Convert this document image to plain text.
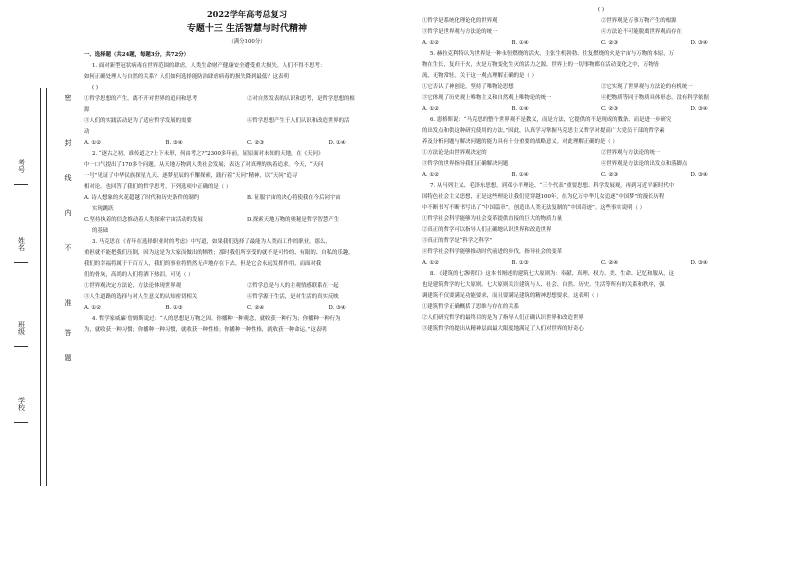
密
封
线
内
不
准
答
题
考号
姓名
班级
学校

2022学年高考总复习

专题十三 生活智慧与时代精神

（满分100分）

一、选择题（共24题，每题3分，共72分）

1. 面对新型冠状病毒在世界范围的肆虐，人类生命财产健康安全遭受重大损失。人们不得不思考：

如何正确处理人与自然的关系？人们如何选择能防治肆虐病毒的损失降到最低？这表明

( )

①哲学思想的产生，离不开对世界的追问和思考	②对自然发表的认识和思考，是哲学思想的根

源

③人们的实践活动是为了适应哲学发展的需要	④哲学思想产生于人们认识和改造世界的活

动

A. ①②	B. ③④	C. ②③	D. ①④

2. “逐古之初，谁传道之?上下未形，何由考之?”2300多年前，屈原面对未知的天地，在《天问》

中一口气提出了170多个问题。从天地万物到人类社会发展，表达了对真理的执着追求。今天，“天问

一号”见证了中华民族探星九天、逐梦星辰的不懈探索，践行着“天问”精神，以“天问”追寻

相对论，也回答了我们的哲学思考。下列选项中正确的是（ ）

A. 诗人想象的火花超越了时代和历史条件的制约	B. 征服宇宙的决心将使我在今后同宇宙

实现跳跃

C.坚持执着的信念推动着人类探索宇宙活动的发展	D.探索天地万物的奥秘是哲学智慧产生

的基础

3. 马克思在《青年在选择职业时的考虑》中写道，如果我们选择了最能为人类而工作的职业，那么，

重担就不能把我们压倒，因为这是为大家而做出的牺牲；那时我们所享受的就不是可怜的、有限的、自私的乐趣，

我们的幸福将属于千百万人，我们的事业将悄然无声地存在下去，但是它会永远发挥作用，而面对我

们的骨灰，高尚的人们将洒下热泪。可见（ ）

①世界观决定方法论，方法论体现世界观	②哲学总是与人的主观情感联系在一起

③人生道路的选择与对人生意义的认知密切相关	④哲学源于生活，是对生活的真实反映

A. ①②	B. ①③	C. ②④	D. ③④

4. 哲学家威廉·詹姆斯说过：“人的思想是万物之因。你播种一种观念，就收获一种行为；你播种一种行为

为，就收获一种习惯；你播种一种习惯，就收获一种性格；你播种一种性格，就收获一种命运。”这表明

( )

①哲学是系统化理论化的世界观	②世界观是万事万物产生的根源

③哲学是世界观与方法论的统一	④方法论不可能脱离世界观而存在

A. ①②	B. ①④	C. ②③	D. ③④

5. 赫拉克利特认为世界是一种永恒燃烧的活火，主张生机勃勃、往复燃烧的火是宇宙与万物的本原，万

物在生长，复归于火，火是万物变化生灭的活力之源，世界上的一切事物都在活动变化之中，万物皆

流，无物常驻。关于这一观点理解正确的是（ ）

①它否认了神创论，坚持了唯物论思想	②它实现了世界观与方法论的有机统一

③它体现了历史观上唯物主义和自然观上唯物论的统一	④把物质等同于物质具体形态，没有科学依据

A. ①②	B. ①④	C. ②③	D. ③④

6. 恩格斯说：“马克思的整个世界观不是教义，而是方法，它提供的不是现成的教条，而是进一步研究

的出发点和供这种研究使用的方法。”因此，认真学习掌握马克思主义哲学对提高广大党员干部的哲学素

养及分析问题与解决问题的能力具有十分重要的战略意义。对此理解正确的是（ ）

①方法论是由世界观决定的	②世界观与方法论的统一

③哲学的世界指导我们正确解决问题	④世界观是方法论的出发点和落脚点

A. ①②	B. ①④	C. ②③	D. ③④

7. 从马列主义、毛泽东思想，到邓小平理论、“三个代表”重要思想、科学发展观，再到习近平新时代中

国特色社会主义思想，正是这些理论让我们党穿越100年，在为亿万中华儿女追逐“中国梦”的漫长历程

中不断书写不断书写出了“中国篇章”。创造出人类无法复制的“中国奇迹”。这些事实说明（ ）

①哲学社会科学能够为社会变革提供直接的巨大的物质力量

②真正的哲学可以指导人们正确地认识世界和改造世界

③真正的哲学是“科学之科学”

④哲学社会科学能够推动时代前进的步伐，指导社会的变革

A. ①②	B. ①③	C. ②④	D. ③④

8. 《建筑的七盏明灯》这本书阐述的建筑七大原则为：奉献、真理、权力、美、生命、记忆和服从，这

也是建筑哲学的七大原则。七大原则关注建筑与人、社会、自然、历史、生活等所有的关系和秩序，强

调建筑不仅要满足功能要求，而且要满足建筑的精神思想要求。这表明（ ）

①建筑哲学正确概括了思维与存在的关系

②人们研究哲学的最终目的是为了指导人们正确认识世界和改造世界

③建筑哲学的提出从精神层面最大限度地满足了人们对世界的好奇心
